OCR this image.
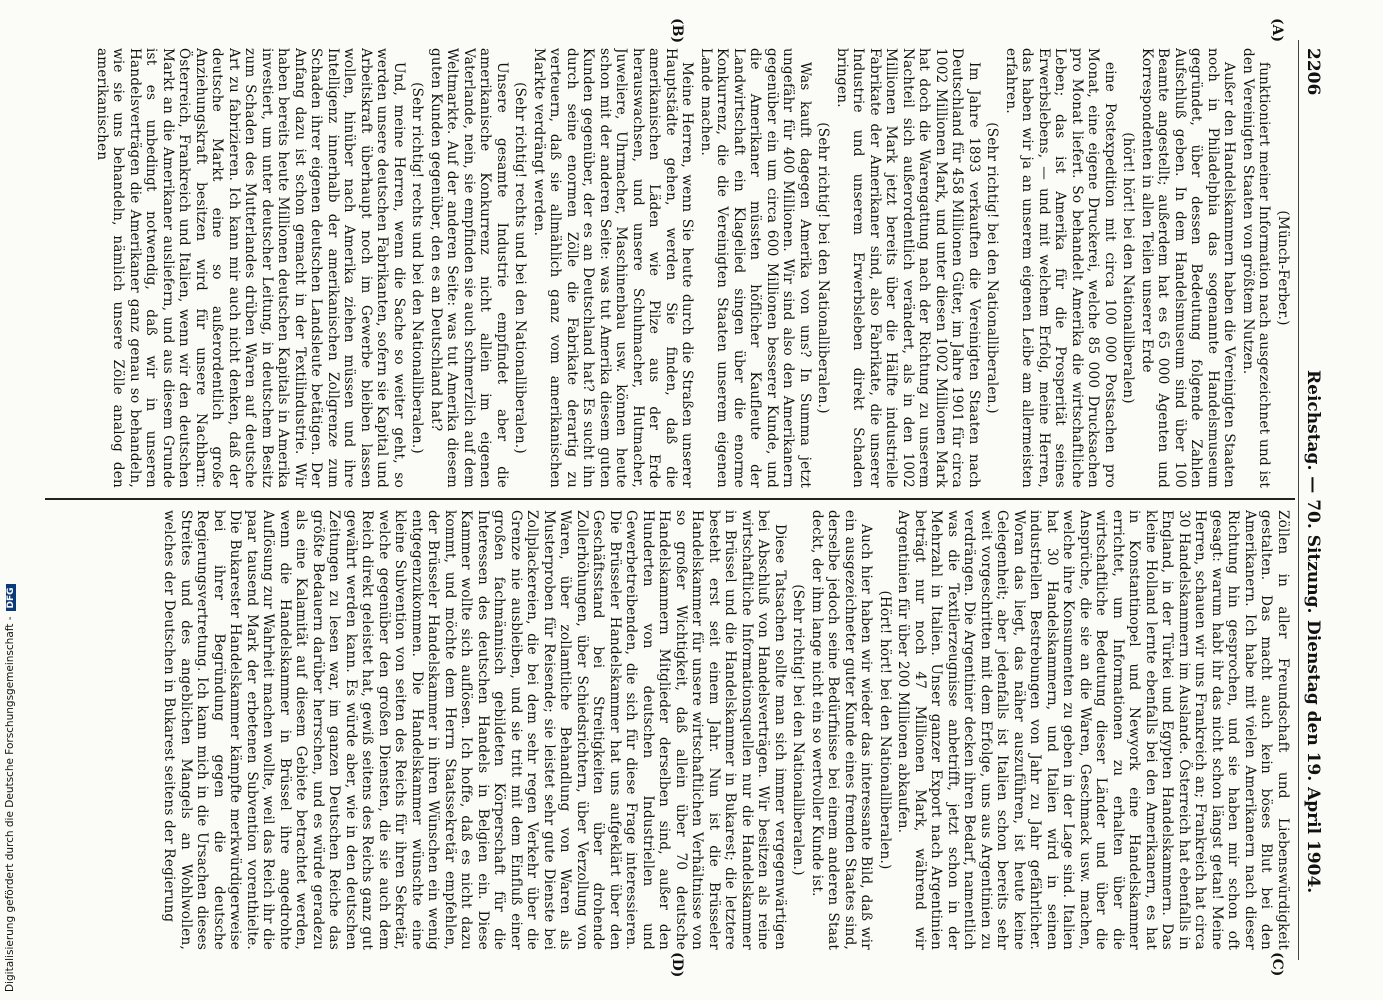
2206
Reichstag. — 70. Sitzung.
Dienstag den 19. April 1904.
(A)
(B)
(C)
(D)

(Münch-Ferber.)

funktioniert meiner Information nach ausgezeichnet und ist den Vereinigten Staaten von größtem Nutzen.

Außer den Handelskammern haben die Vereinigten Staaten noch in Philadelphia das sogenannte Handelsmuseum gegründet, über dessen Bedeutung folgende Zahlen Aufschluß geben. In dem Handelsmuseum sind über 100 Beamte angestellt; außerdem hat es 65 000 Agenten und Korrespondenten in allen Teilen unserer Erde

(hört! hört! bei den Nationalliberalen)

eine Postexpedition mit circa 100 000 Postsachen pro Monat, eine eigene Druckerei, welche 85 000 Drucksachen pro Monat liefert. So behandelt Amerika die wirtschaftliche Leben; das ist Amerika für die Prosperität seines Erwerbslebens, — und mit welchem Erfolg, meine Herren, das haben wir ja an unserem eigenen Leibe am allermeisten erfahren.

(Sehr richtig! bei den Nationalliberalen.)

Im Jahre 1893 verkauften die Vereinigten Staaten nach Deutschland für 458 Millionen Güter, im Jahre 1901 für circa 1002 Millionen Mark, und unter diesen 1002 Millionen Mark hat doch die Warengattung nach der Richtung zu unserem Nachteil sich außerordentlich verändert, als in den 1002 Millionen Mark jetzt bereits über die Hälfte industrielle Fabrikate der Amerikaner sind, also Fabrikate, die unserer Industrie und unserem Erwerbsleben direkt Schaden bringen.

(Sehr richtig! bei den Nationalliberalen.)

Was kauft dagegen Amerika von uns? In Summa jetzt ungefähr für 400 Millionen. Wir sind also den Amerikanern gegenüber ein um circa 600 Millionen besserer Kunde, und die Amerikaner müssten höflicher Kaufleute der Landwirtschaft ein Klagelied singen über die enorme Konkurrenz, die die Vereinigten Staaten unserem eigenen Lande machen.

Meine Herren, wenn Sie heute durch die Straßen unserer Hauptstädte gehen, werden Sie finden, daß die amerikanischen Läden wie Pilze aus der Erde herauswachsen, und unsere Schuhmacher, Hutmacher, Juweliere, Uhrmacher, Maschinenbau usw. können heute schon mit der anderen Seite: was tut Amerika diesem guten Kunden gegenüber, der es an Deutschland hat? Es sucht ihn durch seine enormen Zölle die Fabrikate derartig zu verteuern, daß sie allmählich ganz vom amerikanischen Markte verdrängt werden.

(Sehr richtig! rechts und bei den Nationalliberalen.)

Unsere gesamte Industrie empfindet aber die amerikanische Konkurrenz nicht allein im eigenen Vaterlande, nein, sie empfinden sie auch schmerzlich auf dem Weltmarkte. Auf der anderen Seite: was tut Amerika diesem guten Kunden gegenüber, den es an Deutschland hat?

(Sehr richtig! rechts und bei den Nationalliberalen.)

Und, meine Herren, wenn die Sache so weiter geht, so werden unsere deutschen Fabrikanten, sofern sie Kapital und Arbeitskraft überhaupt noch im Gewerbe bleiben lassen wollen, hinüber nach Amerika ziehen müssen und ihre Intelligenz innerhalb der amerikanischen Zollgrenze zum Schaden ihrer eigenen deutschen Landsleute betätigen. Der Anfang dazu ist schon gemacht in der Textilindustrie. Wir haben bereits heute Millionen deutschen Kapitals in Amerika investiert, um unter deutscher Leitung, in deutschem Besitz zum Schaden des Mutterlandes drüben Waren auf deutsche Art zu fabrizieren. Ich kann mir auch nicht denken, daß der deutsche Markt eine so außerordentlich große Anziehungskraft besitzen wird für unsere Nachbarn: Österreich, Frankreich und Italien, wenn wir den deutschen Markt an die Amerikaner ausliefern, und aus diesem Grunde ist es unbedingt notwendig, daß wir in unseren Handelsverträgen die Amerikaner ganz genau so behandeln, wie sie uns behandeln, nämlich unsere Zölle analog den amerikanischen

Zöllen in aller Freundschaft und Liebenswürdigkeit gestalten. Das macht auch kein böses Blut bei den Amerikanern. Ich habe mit vielen Amerikanern nach dieser Richtung hin gesprochen, und sie haben mir schon oft gesagt: warum habt ihr das nicht schon längst getan! Meine Herren, schauen wir uns Frankreich an; Frankreich hat circa 30 Handelskammern im Auslande. Österreich hat ebenfalls in England, in der Türkei und Egypten Handelskammern. Das kleine Holland lernte ebenfalls bei den Amerikanern, es hat in Konstantinopel und Newyork eine Handelskammer errichtet, um Informationen zu erhalten über die wirtschaftliche Bedeutung dieser Länder und über die Ansprüche, die sie an die Waren, Geschmack usw. machen, welche ihre Konsumenten zu geben in der Lage sind. Italien hat 30 Handelskammern, und Italien wird in seinen industriellen Bestrebungen von Jahr zu Jahr gefährlicher. Woran das liegt, das näher auszuführen, ist heute keine Gelegenheit; aber jedenfalls ist Italien schon bereits sehr weit vorgeschritten mit dem Erfolge, uns aus Argentinien zu verdrängen. Die Argentinier decken ihren Bedarf, namentlich was die Textilerzeugnisse anbetrifft, jetzt schon in der Mehrzahl in Italien. Unser ganzer Export nach Argentinien beträgt nur noch 47 Millionen Mark, während wir Argentinien für über 200 Millionen abkaufen.

(Hört! hört! bei den Nationalliberalen.)

Auch hier haben wir wieder das interessante Bild, daß wir ein ausgezeichneter guter Kunde eines fremden Staates sind, derselbe jedoch seine Bedürfnisse bei einem anderen Staat deckt, der ihm lange nicht ein so wertvoller Kunde ist.

(Sehr richtig! bei den Nationalliberalen.)

Diese Tatsachen sollte man sich immer vergegenwärtigen bei Abschluß von Handelsverträgen. Wir besitzen als reine wirtschaftliche Informationsquellen nur die Handelskammer in Brüssel und die Handelskammer in Bukarest; die letztere besteht erst seit einem Jahr. Nun ist die Brüsseler Handelskammer für unsere wirtschaftlichen Verhältnisse von so großer Wichtigkeit, daß allein über 70 deutsche Handelskammern Mitglieder derselben sind, außer den Hunderten von deutschen Industriellen und Gewerbetreibenden, die sich für diese Frage interessieren. Die Brüsseler Handelskammer hat uns aufgeklärt über den Geschäftsstand bei Streitigkeiten über drohende Zollerhöhungen, über Schiedsrichtern, über Verzollung von Waren, über zollamtliche Behandlung von Waren als Musterproben für Reisende; sie leistet sehr gute Dienste bei Zollplackereien, die bei dem sehr regen Verkehr über die Grenze nie ausbleiben, und sie tritt mit dem Einfluß einer großen fachmännisch gebildeten Körperschaft für die Interessen des deutschen Handels in Belgien ein. Diese Kammer wollte sich auflösen. Ich hoffe, daß es nicht dazu kommt, und möchte dem Herrn Staatssekretär empfehlen, der Brüsseler Handelskammer in ihren Wünschen ein wenig entgegenzukommen. Die Handelskammer wünschte eine kleine Subvention von seiten des Reichs für ihren Sekretär, welche gegenüber den großen Diensten, die sie auch dem Reich direkt geleistet hat, gewiß seitens des Reichs ganz gut gewährt werden kann. Es würde aber, wie in den deutschen Zeitungen zu lesen war, im ganzen Deutschen Reiche das größte Bedauern darüber herrschen, und es würde geradezu als eine Kalamität auf diesem Gebiete betrachtet werden, wenn die Handelskammer in Brüssel ihre angedrohte Auflösung zur Wahrheit machen wollte, weil das Reich ihr die paar tausend Mark der erbetenen Subvention vorenthielte. Die Bukarester Handelskammer kämpfte merkwürdigerweise bei ihrer Begründung gegen die deutsche Regierungsvertretung. Ich kann mich in die Ursachen dieses Streites und des angeblichen Mangels an Wohlwollen, welches der Deutschen in Bukarest seitens der Regierung

Digitalisierung gefördert durch die Deutsche Forschungsgemeinschaft -DFG
